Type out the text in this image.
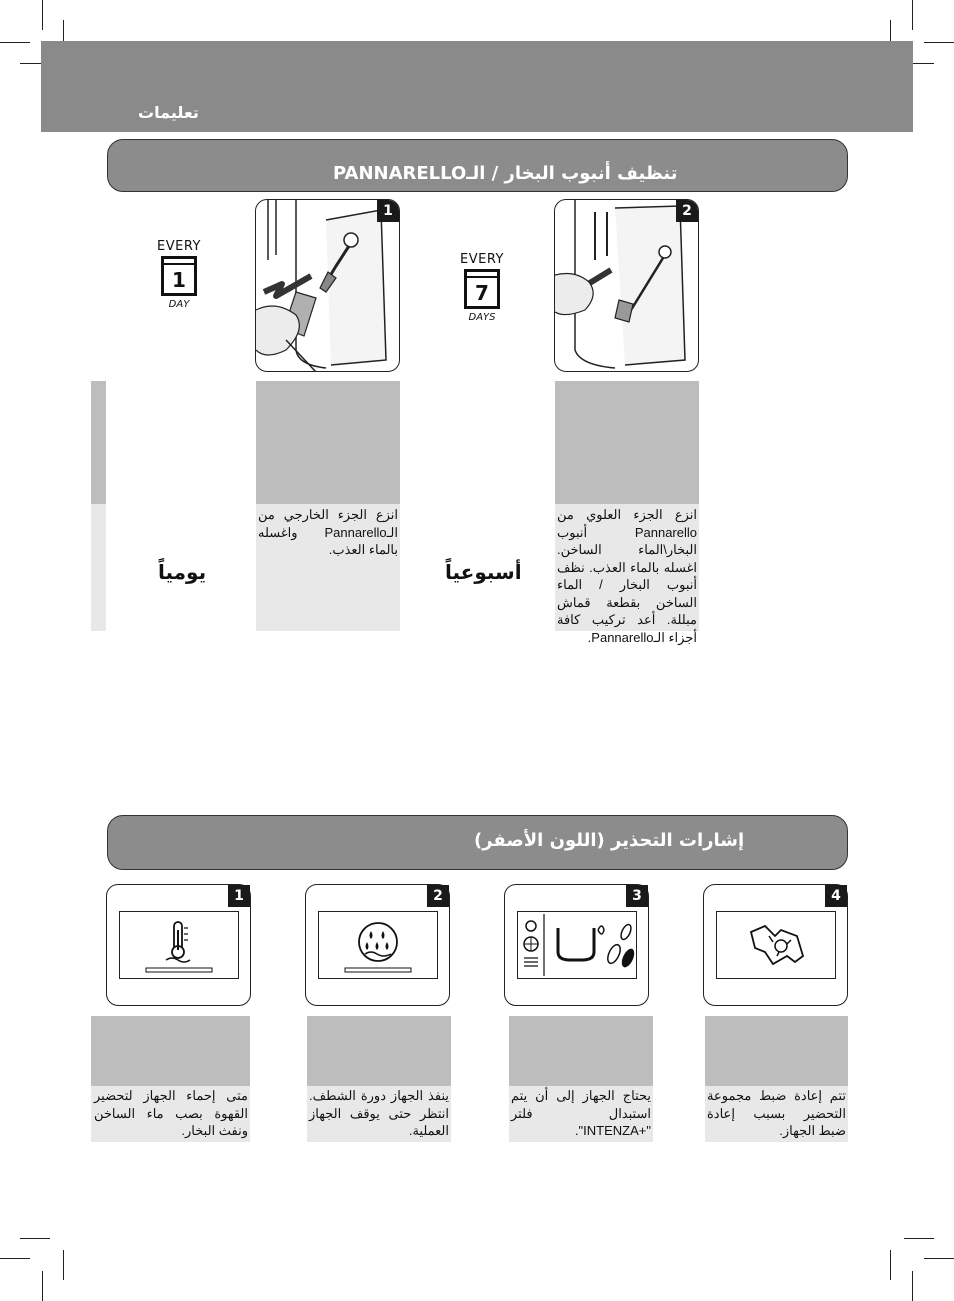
تعليمات
تنظيف أنبوب البخار / الـPANNARELLO
EVERY
1
DAY
1
EVERY
7
DAYS
2
يومياً
انزع الجزء الخارجي من الـPannarello واغسله بالماء العذب.
أسبوعياً
انزع الجزء العلوي من Pannarello أنبوب البخار\الماء الساخن. اغسله بالماء العذب. نظف أنبوب البخار / الماء الساخن بقطعة قماش مبللة. أعد تركيب كافة أجزاء الـPannarello.
إشارات التحذير (اللون الأصفر)
1	2	3	4
متى إحماء الجهاز لتحضير القهوة بصب ماء الساخن ونفث البخار.
ينفذ الجهاز دورة الشطف. انتظر حتى يوقف الجهاز العملية.
يحتاج الجهاز إلى أن يتم استبدال فلتر "+INTENZA".
تتم إعادة ضبط مجموعة التحضير بسبب إعادة ضبط الجهاز.
